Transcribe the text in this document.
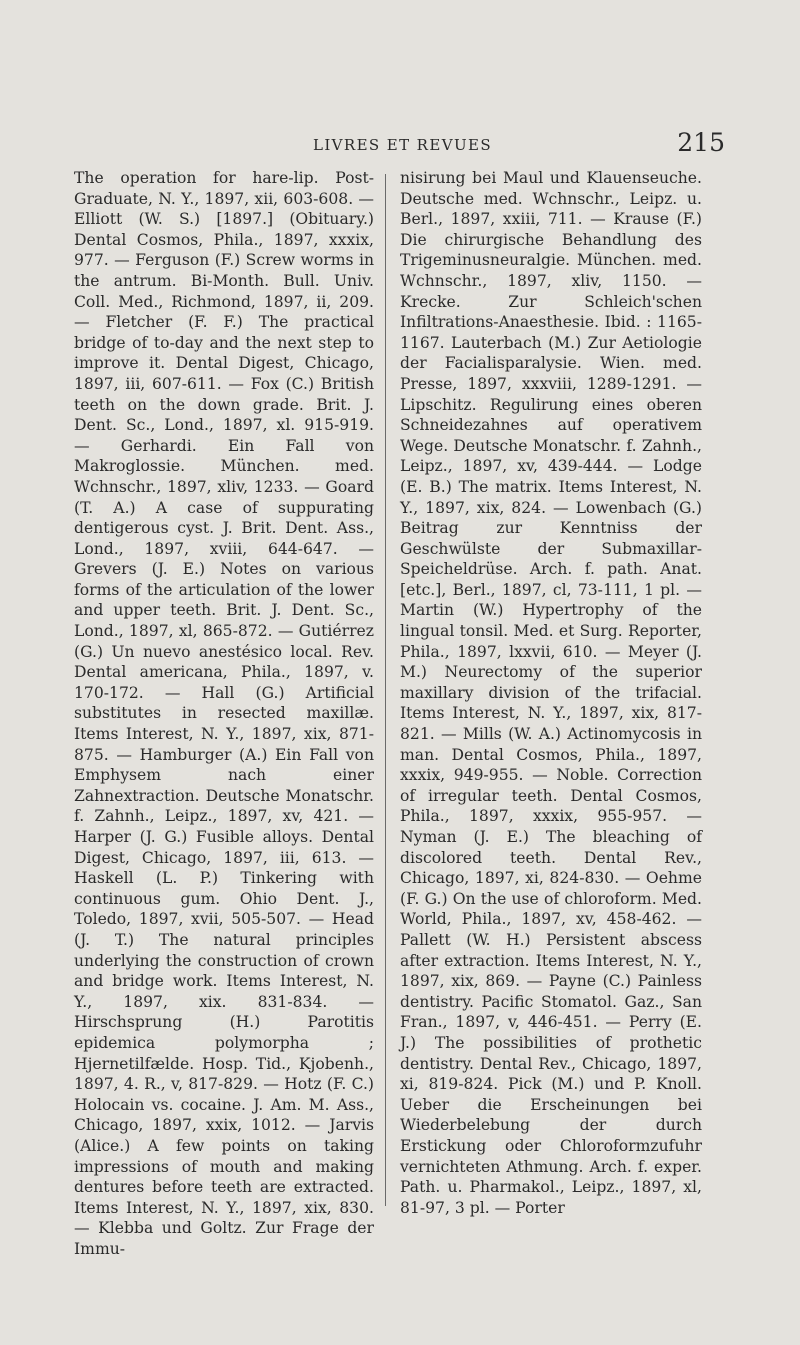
LIVRES ET REVUES	215
The operation for hare-lip. Post-Graduate, N. Y., 1897, xii, 603-608. — Elliott (W. S.) [1897.] (Obituary.) Dental Cosmos, Phila., 1897, xxxix, 977. — Ferguson (F.) Screw worms in the antrum. Bi-Month. Bull. Univ. Coll. Med., Richmond, 1897, ii, 209. — Fletcher (F. F.) The practical bridge of to-day and the next step to improve it. Dental Digest, Chicago, 1897, iii, 607-611. — Fox (C.) British teeth on the down grade. Brit. J. Dent. Sc., Lond., 1897, xl. 915-919. — Gerhardi. Ein Fall von Makroglossie. München. med. Wchnschr., 1897, xliv, 1233. — Goard (T. A.) A case of suppurating dentigerous cyst. J. Brit. Dent. Ass., Lond., 1897, xviii, 644-647. — Grevers (J. E.) Notes on various forms of the articulation of the lower and upper teeth. Brit. J. Dent. Sc., Lond., 1897, xl, 865-872. — Gutiérrez (G.) Un nuevo anestésico local. Rev. Dental americana, Phila., 1897, v. 170-172. — Hall (G.) Artificial substitutes in resected maxillæ. Items Interest, N. Y., 1897, xix, 871-875. — Hamburger (A.) Ein Fall von Emphysem nach einer Zahnextraction. Deutsche Monatschr. f. Zahnh., Leipz., 1897, xv, 421. — Harper (J. G.) Fusible alloys. Dental Digest, Chicago, 1897, iii, 613. — Haskell (L. P.) Tinkering with continuous gum. Ohio Dent. J., Toledo, 1897, xvii, 505-507. — Head (J. T.) The natural principles underlying the construction of crown and bridge work. Items Interest, N. Y., 1897, xix. 831-834. — Hirschsprung (H.) Parotitis epidemica polymorpha ; Hjernetilfælde. Hosp. Tid., Kjobenh., 1897, 4. R., v, 817-829. — Hotz (F. C.) Holocain vs. cocaine. J. Am. M. Ass., Chicago, 1897, xxix, 1012. — Jarvis (Alice.) A few points on taking impressions of mouth and making dentures before teeth are extracted. Items Interest, N. Y., 1897, xix, 830. — Klebba und Goltz. Zur Frage der Immu-
nisirung bei Maul und Klauenseuche. Deutsche med. Wchnschr., Leipz. u. Berl., 1897, xxiii, 711. — Krause (F.) Die chirurgische Behandlung des Trigeminusneuralgie. München. med. Wchnschr., 1897, xliv, 1150. — Krecke. Zur Schleich'schen Infiltrations-Anaesthesie. Ibid. : 1165-1167. Lauterbach (M.) Zur Aetiologie der Facialisparalysie. Wien. med. Presse, 1897, xxxviii, 1289-1291. — Lipschitz. Regulirung eines oberen Schneidezahnes auf operativem Wege. Deutsche Monatschr. f. Zahnh., Leipz., 1897, xv, 439-444. — Lodge (E. B.) The matrix. Items Interest, N. Y., 1897, xix, 824. — Lowenbach (G.) Beitrag zur Kenntniss der Geschwülste der Submaxillar-Speicheldrüse. Arch. f. path. Anat. [etc.], Berl., 1897, cl, 73-111, 1 pl. — Martin (W.) Hypertrophy of the lingual tonsil. Med. et Surg. Reporter, Phila., 1897, lxxvii, 610. — Meyer (J. M.) Neurectomy of the superior maxillary division of the trifacial. Items Interest, N. Y., 1897, xix, 817-821. — Mills (W. A.) Actinomycosis in man. Dental Cosmos, Phila., 1897, xxxix, 949-955. — Noble. Correction of irregular teeth. Dental Cosmos, Phila., 1897, xxxix, 955-957. — Nyman (J. E.) The bleaching of discolored teeth. Dental Rev., Chicago, 1897, xi, 824-830. — Oehme (F. G.) On the use of chloroform. Med. World, Phila., 1897, xv, 458-462. — Pallett (W. H.) Persistent abscess after extraction. Items Interest, N. Y., 1897, xix, 869. — Payne (C.) Painless dentistry. Pacific Stomatol. Gaz., San Fran., 1897, v, 446-451. — Perry (E. J.) The possibilities of prothetic dentistry. Dental Rev., Chicago, 1897, xi, 819-824. Pick (M.) und P. Knoll. Ueber die Erscheinungen bei Wiederbelebung der durch Erstickung oder Chloroformzufuhr vernichteten Athmung. Arch. f. exper. Path. u. Pharmakol., Leipz., 1897, xl, 81-97, 3 pl. — Porter
